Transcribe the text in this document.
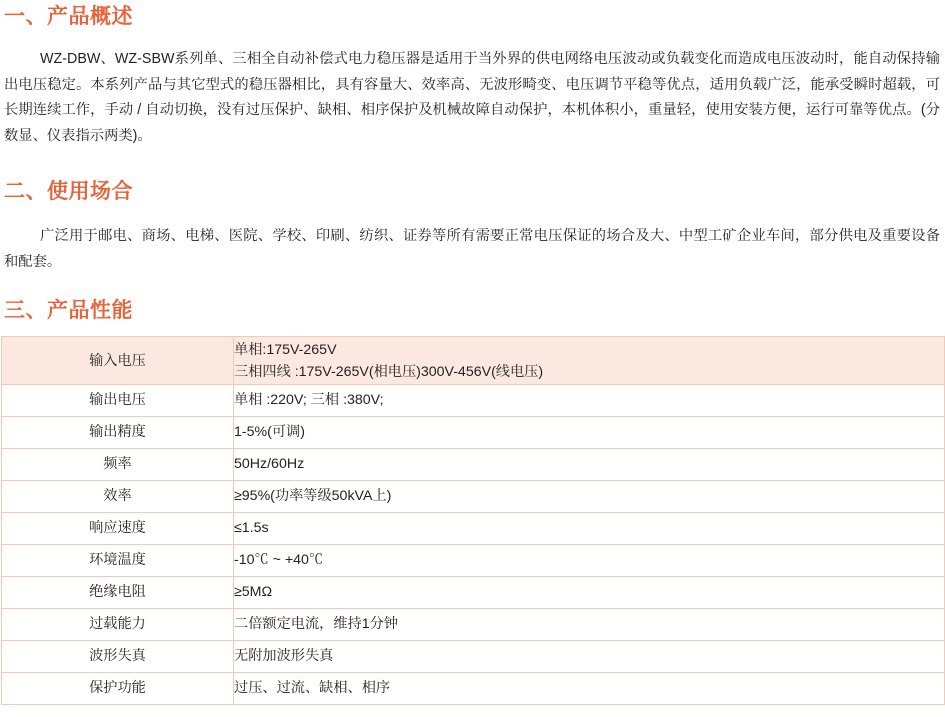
一、产品概述

WZ-DBW、WZ-SBW系列单、三相全自动补偿式电力稳压器是适用于当外界的供电网络电压波动或负载变化而造成电压波动时，能自动保持输出电压稳定。本系列产品与其它型式的稳压器相比，具有容量大、效率高、无波形畸变、电压调节平稳等优点，适用负载广泛，能承受瞬时超载，可长期连续工作，手动 / 自动切换，没有过压保护、缺相、相序保护及机械故障自动保护，本机体积小，重量轻，使用安装方便，运行可靠等优点。(分数显、仪表指示两类)。

二、使用场合

广泛用于邮电、商场、电梯、医院、学校、印刷、纺织、证券等所有需要正常电压保证的场合及大、中型工矿企业车间，部分供电及重要设备和配套。

三、产品性能
输入电压	单相:175V-265V
三相四线 :175V-265V(相电压)300V-456V(线电压)

输出电压	单相 :220V; 三相 :380V;
输出精度	1-5%(可调)
频率	50Hz/60Hz
效率	≥95%(功率等级50kVA上)
响应速度	≤1.5s
环境温度	-10℃ ~ +40℃
绝缘电阻	≥5MΩ
过载能力	二倍额定电流，维持1分钟
波形失真	无附加波形失真
保护功能	过压、过流、缺相、相序
